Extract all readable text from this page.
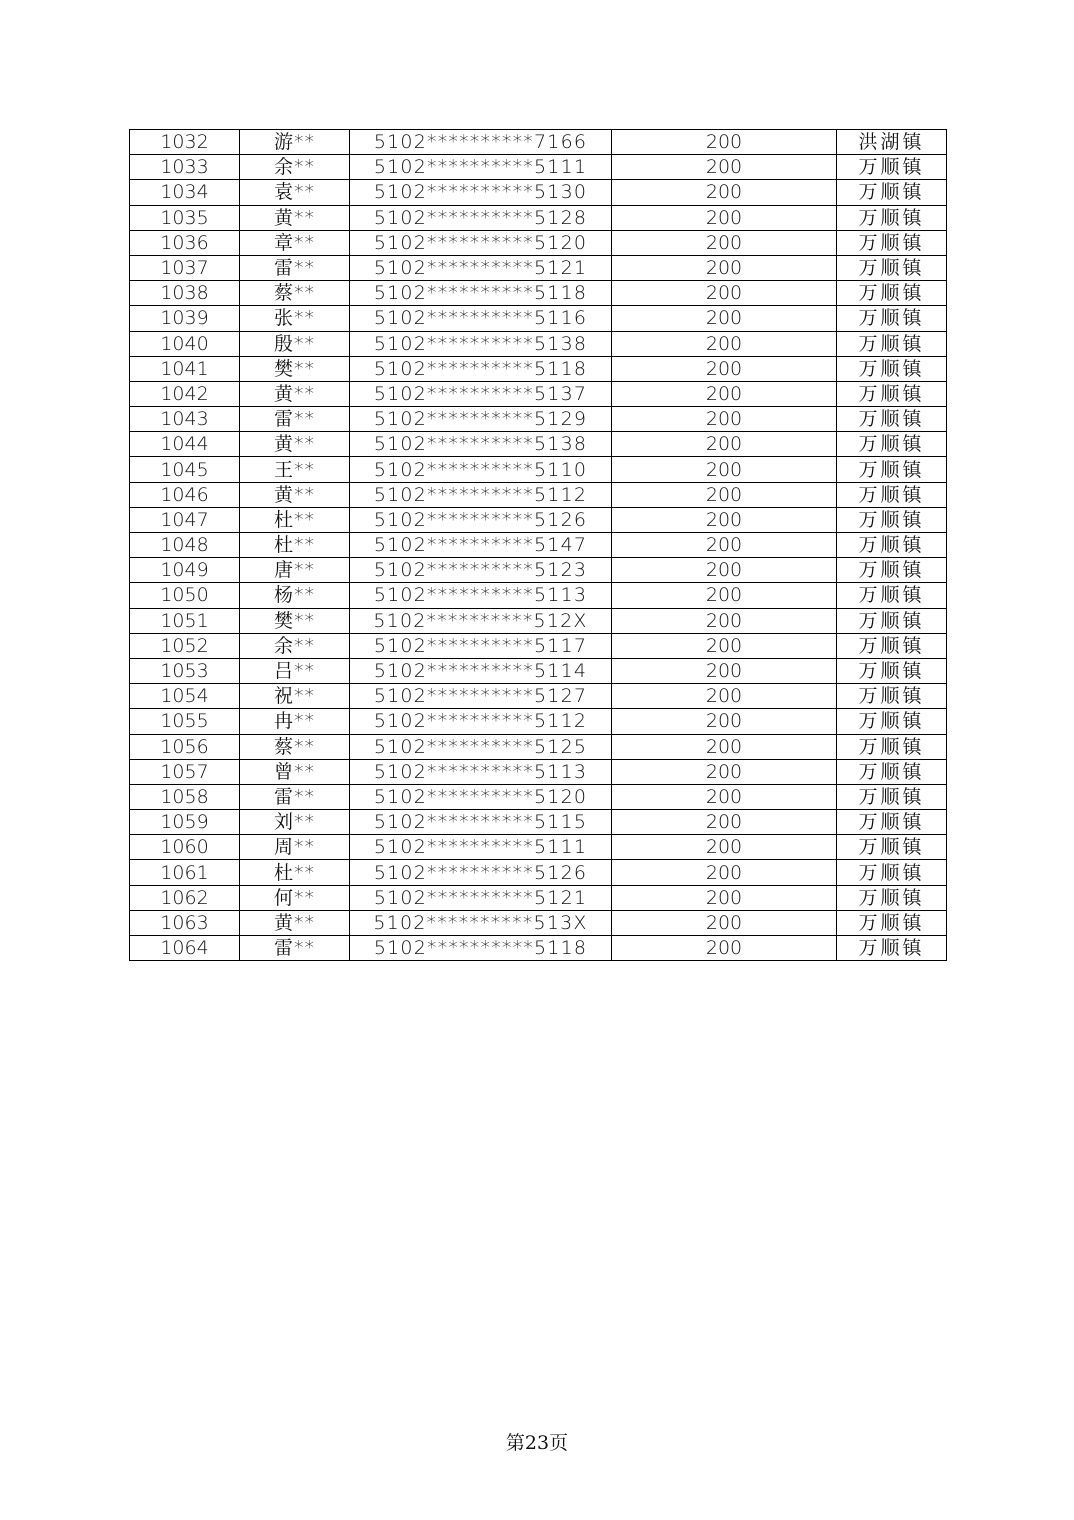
1032	游**	5102**********7166	200	洪湖镇
1033	余**	5102**********5111	200	万顺镇
1034	袁**	5102**********5130	200	万顺镇
1035	黄**	5102**********5128	200	万顺镇
1036	章**	5102**********5120	200	万顺镇
1037	雷**	5102**********5121	200	万顺镇
1038	蔡**	5102**********5118	200	万顺镇
1039	张**	5102**********5116	200	万顺镇
1040	殷**	5102**********5138	200	万顺镇
1041	樊**	5102**********5118	200	万顺镇
1042	黄**	5102**********5137	200	万顺镇
1043	雷**	5102**********5129	200	万顺镇
1044	黄**	5102**********5138	200	万顺镇
1045	王**	5102**********5110	200	万顺镇
1046	黄**	5102**********5112	200	万顺镇
1047	杜**	5102**********5126	200	万顺镇
1048	杜**	5102**********5147	200	万顺镇
1049	唐**	5102**********5123	200	万顺镇
1050	杨**	5102**********5113	200	万顺镇
1051	樊**	5102**********512X	200	万顺镇
1052	余**	5102**********5117	200	万顺镇
1053	吕**	5102**********5114	200	万顺镇
1054	祝**	5102**********5127	200	万顺镇
1055	冉**	5102**********5112	200	万顺镇
1056	蔡**	5102**********5125	200	万顺镇
1057	曾**	5102**********5113	200	万顺镇
1058	雷**	5102**********5120	200	万顺镇
1059	刘**	5102**********5115	200	万顺镇
1060	周**	5102**********5111	200	万顺镇
1061	杜**	5102**********5126	200	万顺镇
1062	何**	5102**********5121	200	万顺镇
1063	黄**	5102**********513X	200	万顺镇
1064	雷**	5102**********5118	200	万顺镇
第23页
